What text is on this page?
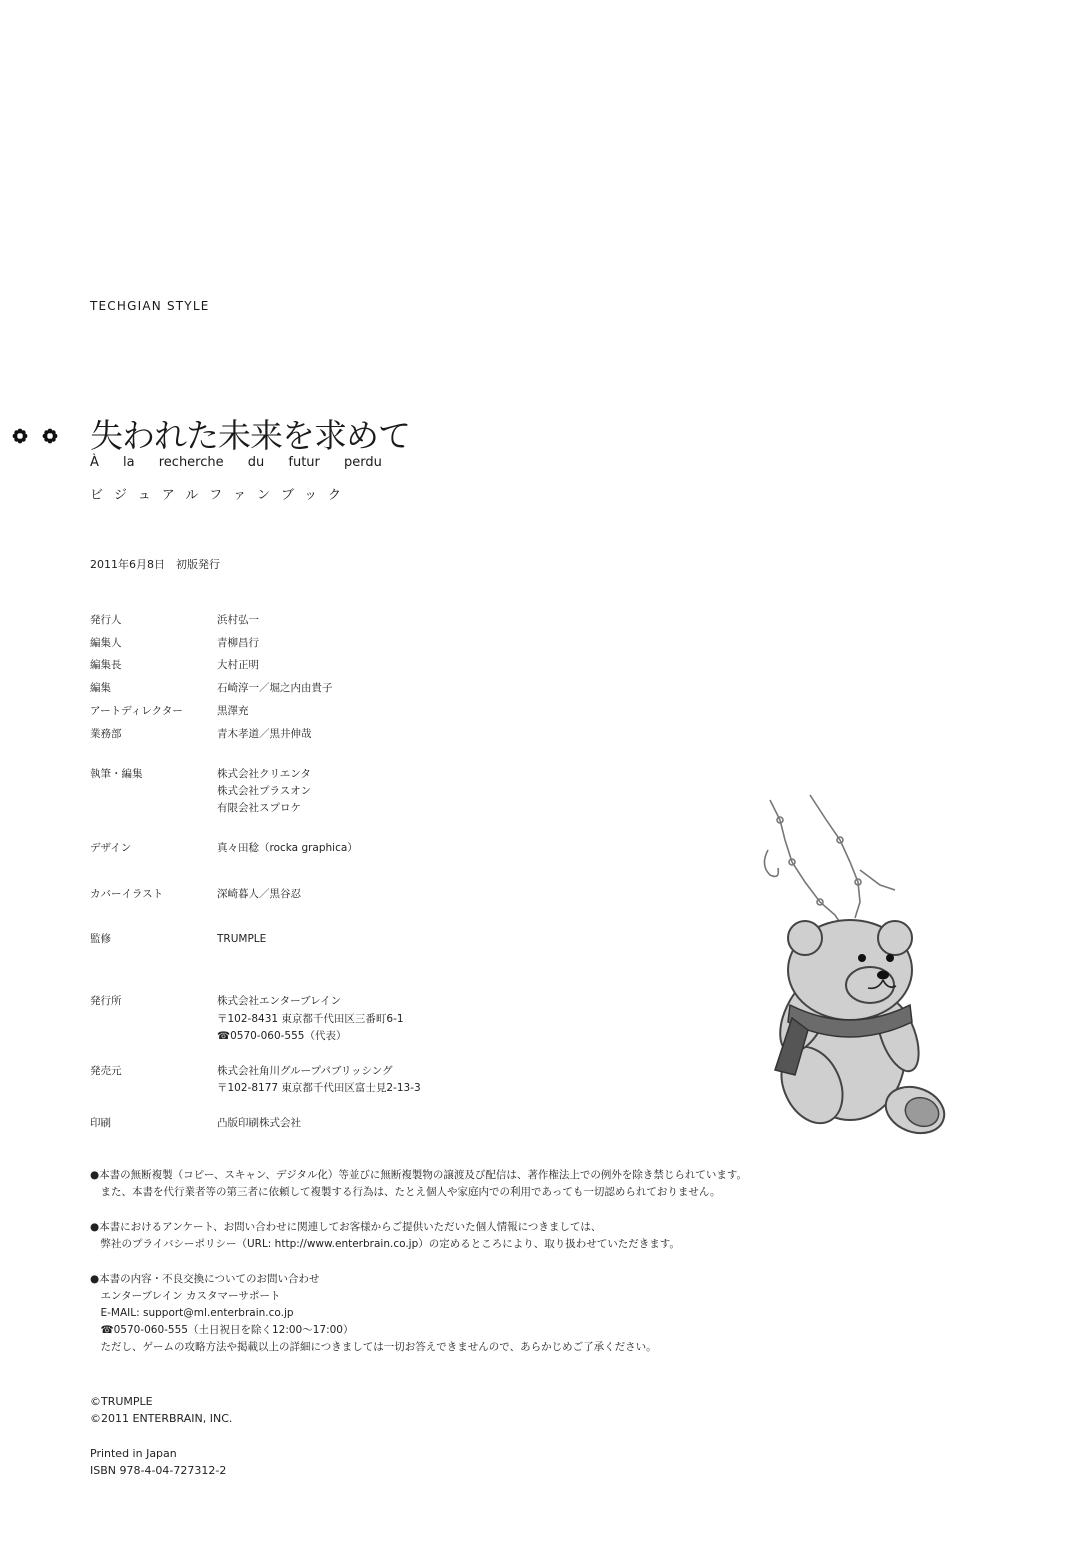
TECHGIAN STYLE
失われた未来を求めて
À la recherche du futur perdu
ビジュアルファンブック
2011年6月8日　初版発行
発行人	浜村弘一
編集人	青柳昌行
編集長	大村正明
編集	石崎淳一／堀之内由貴子
アートディレクター	黒澤充
業務部	青木孝道／黒井伸哉
執筆・編集	株式会社クリエンタ
株式会社プラスオン
有限会社スプロケ
デザイン	真々田稔（rocka graphica）
カバーイラスト	深崎暮人／黒谷忍
監修	TRUMPLE
発行所	株式会社エンターブレイン
〒102-8431 東京都千代田区三番町6-1
☎0570-060-555（代表）
発売元	株式会社角川グループパブリッシング
〒102-8177 東京都千代田区富士見2-13-3
印刷	凸版印刷株式会社
●本書の無断複製（コピー、スキャン、デジタル化）等並びに無断複製物の譲渡及び配信は、著作権法上での例外を除き禁じられています。
　また、本書を代行業者等の第三者に依頼して複製する行為は、たとえ個人や家庭内での利用であっても一切認められておりません。
●本書におけるアンケート、お問い合わせに関連してお客様からご提供いただいた個人情報につきましては、
　弊社のプライバシーポリシー（URL: http://www.enterbrain.co.jp）の定めるところにより、取り扱わせていただきます。
●本書の内容・不良交換についてのお問い合わせ
　エンターブレイン カスタマーサポート
　E-MAIL: support@ml.enterbrain.co.jp
　☎0570-060-555（土日祝日を除く12:00〜17:00）
　ただし、ゲームの攻略方法や掲載以上の詳細につきましては一切お答えできませんので、あらかじめご了承ください。
©TRUMPLE
©2011 ENTERBRAIN, INC.
Printed in Japan
ISBN 978-4-04-727312-2
